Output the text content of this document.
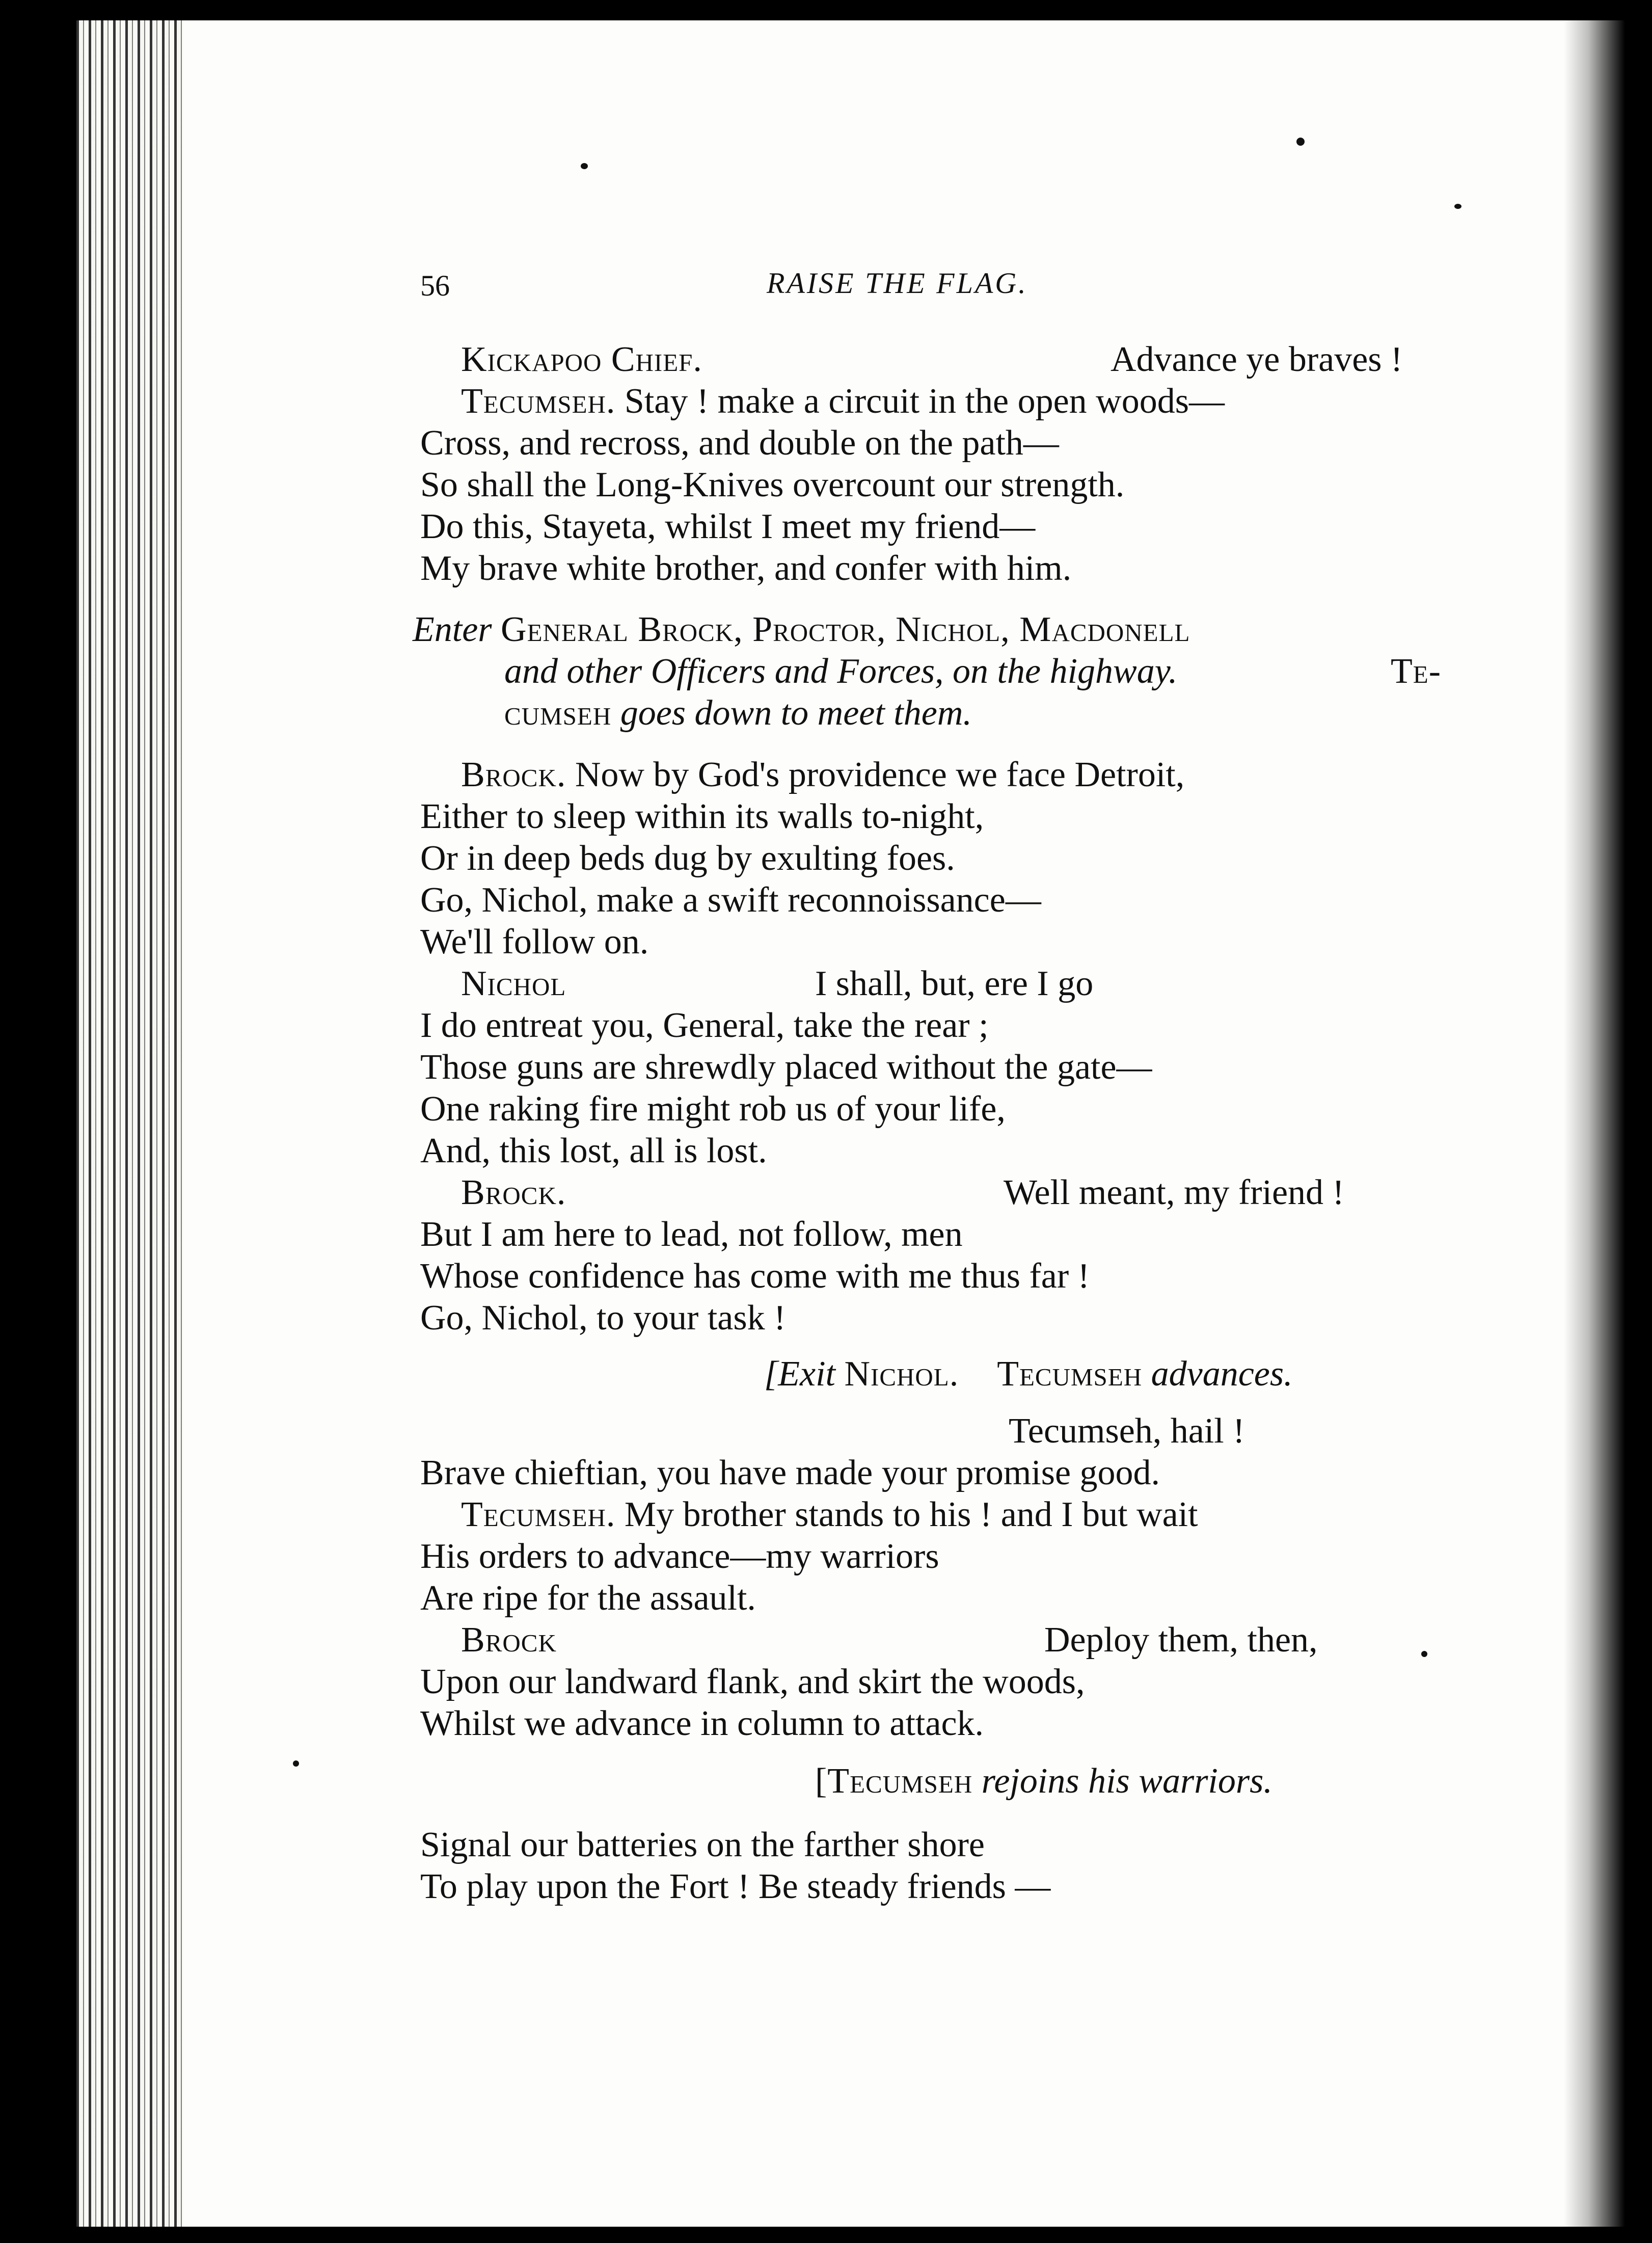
56	RAISE THE FLAG.
Kickapoo Chief.	Advance ye braves !
Tecumseh. Stay ! make a circuit in the open woods—
Cross, and recross, and double on the path—
So shall the Long-Knives overcount our strength.
Do this, Stayeta, whilst I meet my friend—
My brave white brother, and confer with him.
Enter General Brock, Proctor, Nichol, Macdonell
and other Officers and Forces, on the highway.	Te-
cumseh goes down to meet them.
Brock. Now by God's providence we face Detroit,
Either to sleep within its walls to-night,
Or in deep beds dug by exulting foes.
Go, Nichol, make a swift reconnoissance—
We'll follow on.
Nichol	I shall, but, ere I go
I do entreat you, General, take the rear ;
Those guns are shrewdly placed without the gate—
One raking fire might rob us of your life,
And, this lost, all is lost.
Brock.	Well meant, my friend !
But I am here to lead, not follow, men
Whose confidence has come with me thus far !
Go, Nichol, to your task !
[Exit Nichol. Tecumseh advances.
Tecumseh, hail !
Brave chieftian, you have made your promise good.
Tecumseh. My brother stands to his ! and I but wait
His orders to advance—my warriors
Are ripe for the assault.
Brock	Deploy them, then,
Upon our landward flank, and skirt the woods,
Whilst we advance in column to attack.
[Tecumseh rejoins his warriors.
Signal our batteries on the farther shore
To play upon the Fort ! Be steady friends —
